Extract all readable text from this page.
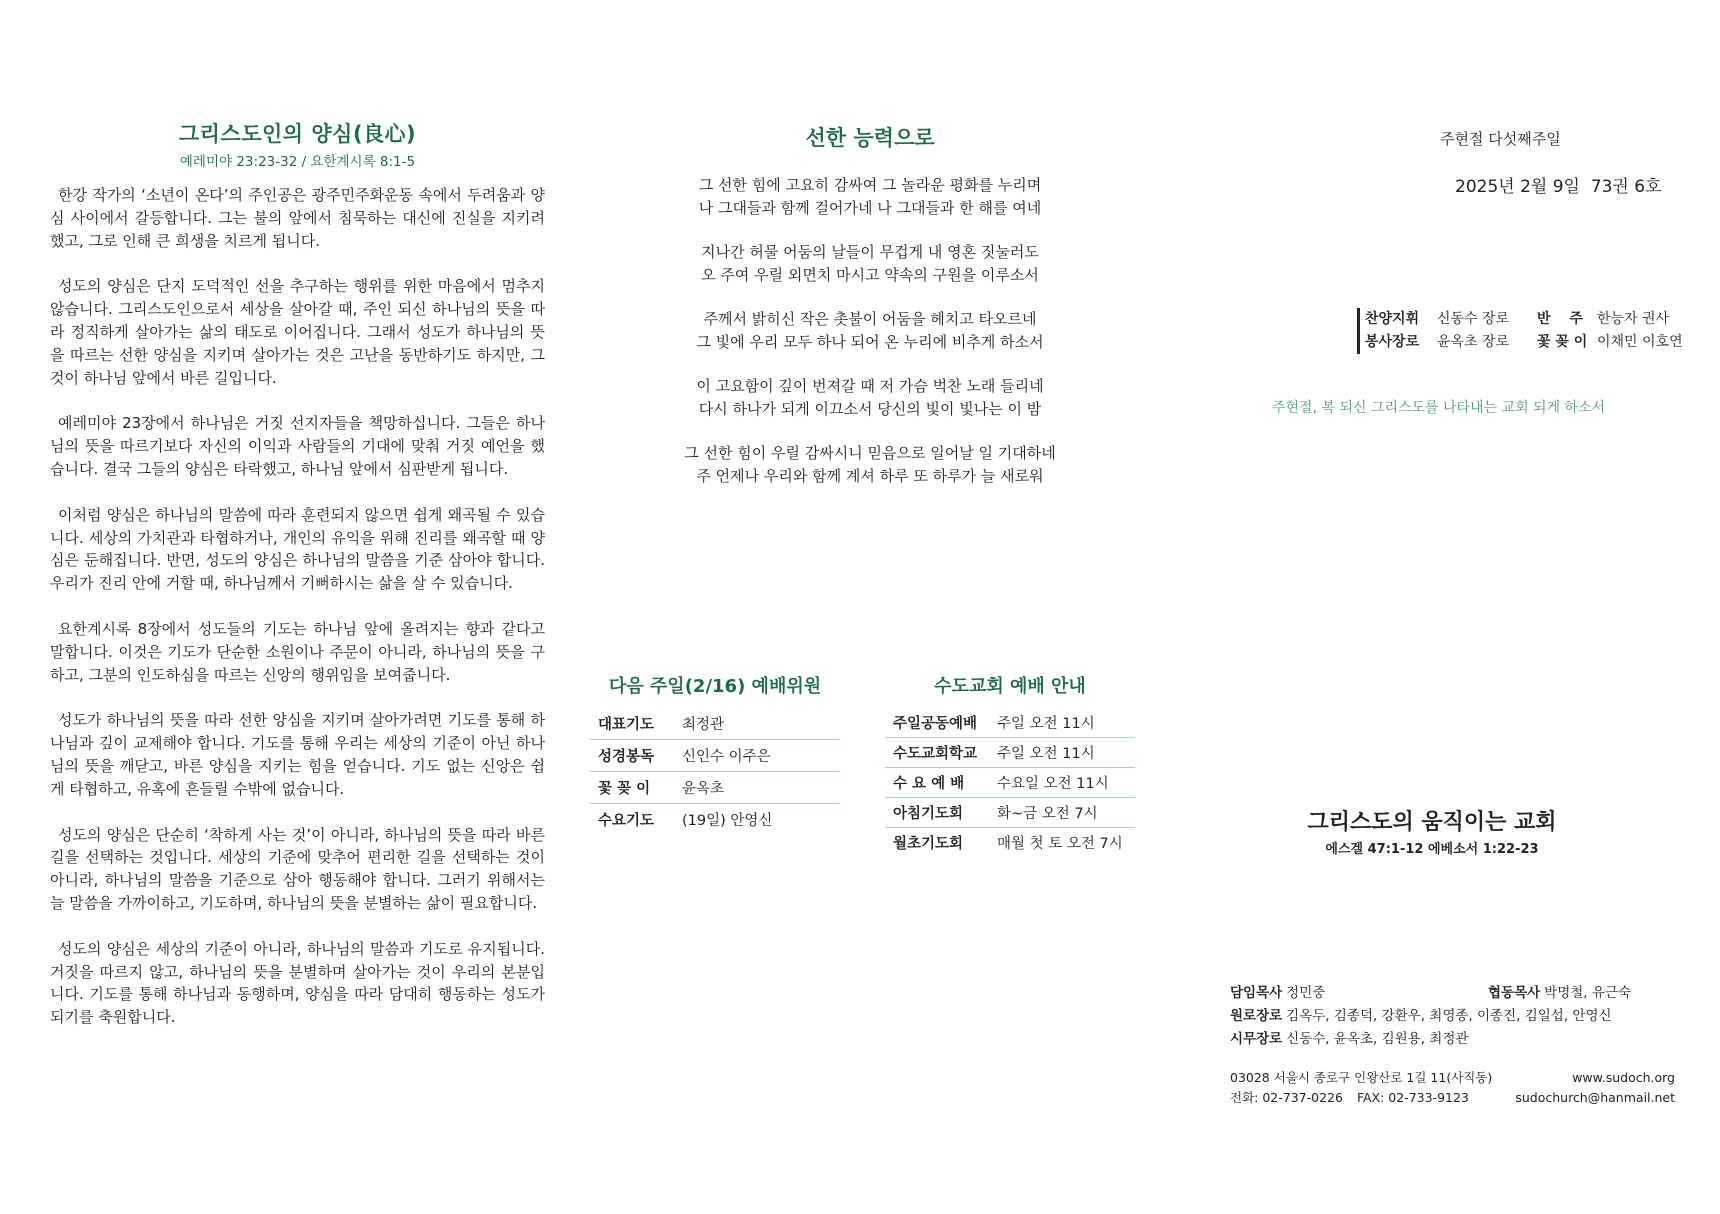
그리스도인의 양심(良心)
예레미야 23:23-32 / 요한계시록 8:1-5

한강 작가의 ‘소년이 온다’의 주인공은 광주민주화운동 속에서 두려움과 양심 사이에서 갈등합니다. 그는 불의 앞에서 침묵하는 대신에 진실을 지키려 했고, 그로 인해 큰 희생을 치르게 됩니다.

성도의 양심은 단지 도덕적인 선을 추구하는 행위를 위한 마음에서 멈추지 않습니다. 그리스도인으로서 세상을 살아갈 때, 주인 되신 하나님의 뜻을 따라 정직하게 살아가는 삶의 태도로 이어집니다. 그래서 성도가 하나님의 뜻을 따르는 선한 양심을 지키며 살아가는 것은 고난을 동반하기도 하지만, 그것이 하나님 앞에서 바른 길입니다.

예레미야 23장에서 하나님은 거짓 선지자들을 책망하십니다. 그들은 하나님의 뜻을 따르기보다 자신의 이익과 사람들의 기대에 맞춰 거짓 예언을 했습니다. 결국 그들의 양심은 타락했고, 하나님 앞에서 심판받게 됩니다.

이처럼 양심은 하나님의 말씀에 따라 훈련되지 않으면 쉽게 왜곡될 수 있습니다. 세상의 가치관과 타협하거나, 개인의 유익을 위해 진리를 왜곡할 때 양심은 둔해집니다. 반면, 성도의 양심은 하나님의 말씀을 기준 삼아야 합니다. 우리가 진리 안에 거할 때, 하나님께서 기뻐하시는 삶을 살 수 있습니다.

요한계시록 8장에서 성도들의 기도는 하나님 앞에 올려지는 향과 같다고 말합니다. 이것은 기도가 단순한 소원이나 주문이 아니라, 하나님의 뜻을 구하고, 그분의 인도하심을 따르는 신앙의 행위임을 보여줍니다.

성도가 하나님의 뜻을 따라 선한 양심을 지키며 살아가려면 기도를 통해 하나님과 깊이 교제해야 합니다. 기도를 통해 우리는 세상의 기준이 아닌 하나님의 뜻을 깨닫고, 바른 양심을 지키는 힘을 얻습니다. 기도 없는 신앙은 쉽게 타협하고, 유혹에 흔들릴 수밖에 없습니다.

성도의 양심은 단순히 ‘착하게 사는 것’이 아니라, 하나님의 뜻을 따라 바른 길을 선택하는 것입니다. 세상의 기준에 맞추어 편리한 길을 선택하는 것이 아니라, 하나님의 말씀을 기준으로 삼아 행동해야 합니다. 그러기 위해서는 늘 말씀을 가까이하고, 기도하며, 하나님의 뜻을 분별하는 삶이 필요합니다.

성도의 양심은 세상의 기준이 아니라, 하나님의 말씀과 기도로 유지됩니다. 거짓을 따르지 않고, 하나님의 뜻을 분별하며 살아가는 것이 우리의 본분입니다. 기도를 통해 하나님과 동행하며, 양심을 따라 담대히 행동하는 성도가 되기를 축원합니다.

선한 능력으로
그 선한 힘에 고요히 감싸여 그 놀라운 평화를 누리며
나 그대들과 함께 걸어가네 나 그대들과 한 해를 여네
지나간 허물 어둠의 날들이 무겁게 내 영혼 짓눌러도
오 주여 우릴 외면치 마시고 약속의 구원을 이루소서
주께서 밝히신 작은 촛불이 어둠을 헤치고 타오르네
그 빛에 우리 모두 하나 되어 온 누리에 비추게 하소서
이 고요함이 깊이 번져갈 때 저 가슴 벅찬 노래 들리네
다시 하나가 되게 이끄소서 당신의 빛이 빛나는 이 밤
그 선한 힘이 우릴 감싸시니 믿음으로 일어날 일 기대하네
주 언제나 우리와 함께 계셔 하루 또 하루가 늘 새로워
다음 주일(2/16) 예배위원
대표기도	최정관
성경봉독	신인수 이주은
꽃 꽂 이	윤옥초
수요기도	(19일) 안영신
수도교회 예배 안내
주일공동예배	주일 오전 11시
수도교회학교	주일 오전 11시
수 요 예 배	수요일 오전 11시
아침기도회	화~금 오전 7시
월초기도회	매월 첫 토 오전 7시
주현절 다섯째주일
2025년 2월 9일 73권 6호
찬양지휘 신동수 장로 반　 주 한능자 권사
봉사장로 윤옥초 장로 꽃 꽂 이 이채민 이호연
주현절, 복 되신 그리스도를 나타내는 교회 되게 하소서
그리스도의 움직이는 교회
에스겔 47:1-12 에베소서 1:22-23
담임목사 정민중	협동목사 박명철, 유근숙
원로장로 김옥두, 김종덕, 강환우, 최영종, 이종진, 김일섭, 안영신
시무장로 신동수, 윤옥초, 김원용, 최정관
03028 서울시 종로구 인왕산로 1길 11(사직동)	www.sudoch.org
전화: 02-737-0226 FAX: 02-733-9123	sudochurch@hanmail.net
